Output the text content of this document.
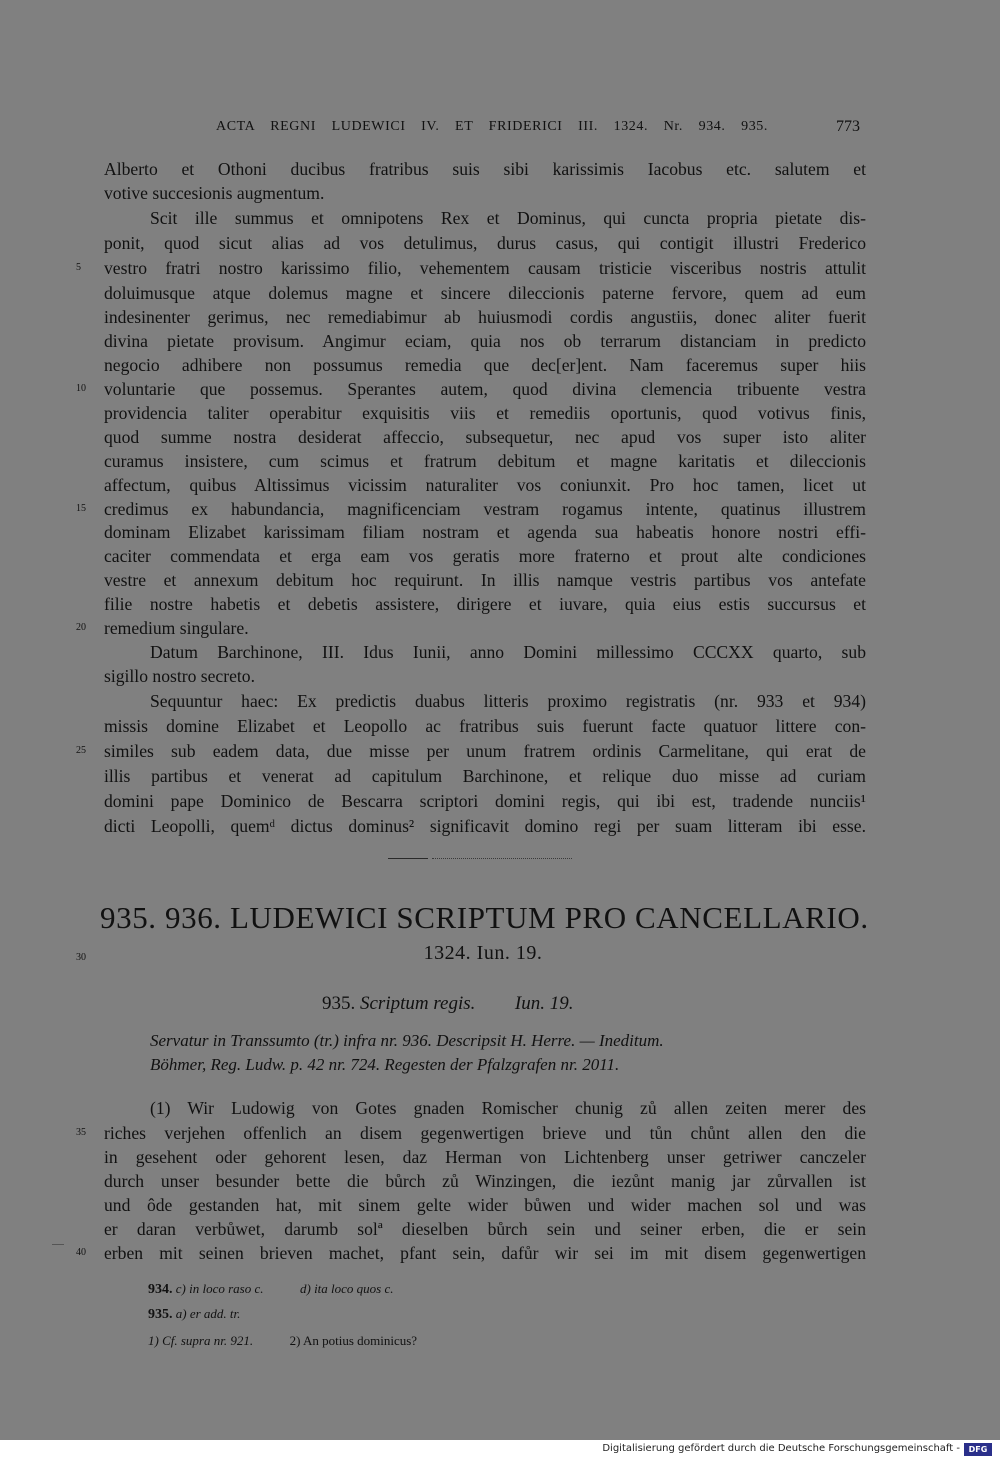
ACTA REGNI LUDEWICI IV. ET FRIDERICI III. 1324. Nr. 934. 935.	773
Alberto et Othoni ducibus fratribus suis sibi karissimis Iacobus etc. salutem et
votive succesionis augmentum.
Scit ille summus et omnipotens Rex et Dominus, qui cuncta propria pietate dis-
ponit, quod sicut alias ad vos detulimus, durus casus, qui contigit illustri Frederico
vestro fratri nostro karissimo filio, vehementem causam tristicie visceribus nostris attulit
doluimusque atque dolemus magne et sincere dileccionis paterne fervore, quem ad eum
indesinenter gerimus, nec remediabimur ab huiusmodi cordis angustiis, donec aliter fuerit
divina pietate provisum. Angimur eciam, quia nos ob terrarum distanciam in predicto
negocio adhibere non possumus remedia que dec[er]ent. Nam faceremus super hiis
voluntarie que possemus. Sperantes autem, quod divina clemencia tribuente vestra
providencia taliter operabitur exquisitis viis et remediis oportunis, quod votivus finis,
quod summe nostra desiderat affeccio, subsequetur, nec apud vos super isto aliter
curamus insistere, cum scimus et fratrum debitum et magne karitatis et dileccionis
affectum, quibus Altissimus vicissim naturaliter vos coniunxit. Pro hoc tamen, licet ut
credimus ex habundancia, magnificenciam vestram rogamus intente, quatinus illustrem
dominam Elizabet karissimam filiam nostram et agenda sua habeatis honore nostri effi-
caciter commendata et erga eam vos geratis more fraterno et prout alte condiciones
vestre et annexum debitum hoc requirunt. In illis namque vestris partibus vos antefate
filie nostre habetis et debetis assistere, dirigere et iuvare, quia eius estis succursus et
remedium singulare.
Datum Barchinone, III. Idus Iunii, anno Domini millessimo CCCXX quarto, sub
sigillo nostro secreto.
Sequuntur haec: Ex predictis duabus litteris proximo registratis (nr. 933 et 934)
missis domine Elizabet et Leopollo ac fratribus suis fuerunt facte quatuor littere con-
similes sub eadem data, due misse per unum fratrem ordinis Carmelitane, qui erat de
illis partibus et venerat ad capitulum Barchinone, et relique duo misse ad curiam
domini pape Dominico de Bescarra scriptori domini regis, qui ibi est, tradende nunciis¹
dicti Leopolli, quemᵈ dictus dominus² significavit domino regi per suam litteram ibi esse.
5
10
15
20
25
30
35
40
935. 936. LUDEWICI SCRIPTUM PRO CANCELLARIO.
1324. Iun. 19.
935. Scriptum regis. Iun. 19.
Servatur in Transsumto (tr.) infra nr. 936. Descripsit H. Herre. — Ineditum.
Böhmer, Reg. Ludw. p. 42 nr. 724. Regesten der Pfalzgrafen nr. 2011.
(1) Wir Ludowig von Gotes gnaden Romischer chunig zů allen zeiten merer des
riches verjehen offenlich an disem gegenwertigen brieve und tůn chůnt allen den die
in gesehent oder gehorent lesen, daz Herman von Lichtenberg unser getriwer canczeler
durch unser besunder bette die bůrch zů Winzingen, die iezůnt manig jar zůrvallen ist
und ôde gestanden hat, mit sinem gelte wider bůwen und wider machen sol und was
er daran verbůwet, darumb solª dieselben bůrch sein und seiner erben, die er sein
erben mit seinen brieven machet, pfant sein, dafůr wir sei im mit disem gegenwertigen
934. c) in loco raso c.	d) ita loco quos c.
935. a) er add. tr.
1) Cf. supra nr. 921.	2) An potius dominicus?
Digitalisierung gefördert durch die Deutsche Forschungsgemeinschaft -	DFG
